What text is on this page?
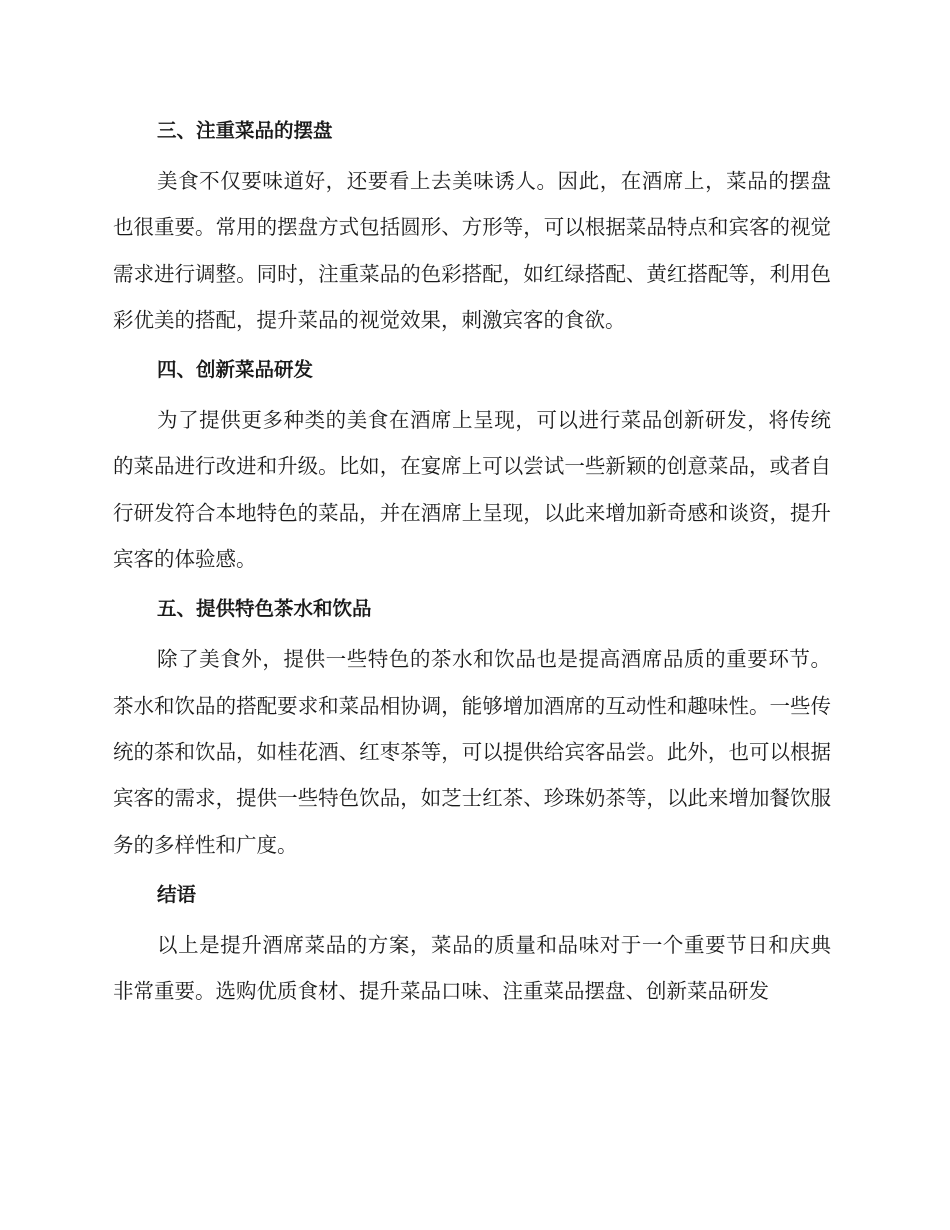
三、注重菜品的摆盘
美食不仅要味道好，还要看上去美味诱人。因此，在酒席上，菜品的摆盘也很重要。常用的摆盘方式包括圆形、方形等，可以根据菜品特点和宾客的视觉需求进行调整。同时，注重菜品的色彩搭配，如红绿搭配、黄红搭配等，利用色彩优美的搭配，提升菜品的视觉效果，刺激宾客的食欲。
四、创新菜品研发
为了提供更多种类的美食在酒席上呈现，可以进行菜品创新研发，将传统的菜品进行改进和升级。比如，在宴席上可以尝试一些新颖的创意菜品，或者自行研发符合本地特色的菜品，并在酒席上呈现，以此来增加新奇感和谈资，提升宾客的体验感。
五、提供特色茶水和饮品
除了美食外，提供一些特色的茶水和饮品也是提高酒席品质的重要环节。茶水和饮品的搭配要求和菜品相协调，能够增加酒席的互动性和趣味性。一些传统的茶和饮品，如桂花酒、红枣茶等，可以提供给宾客品尝。此外，也可以根据宾客的需求，提供一些特色饮品，如芝士红茶、珍珠奶茶等，以此来增加餐饮服务的多样性和广度。
结语
以上是提升酒席菜品的方案，菜品的质量和品味对于一个重要节日和庆典非常重要。选购优质食材、提升菜品口味、注重菜品摆盘、创新菜品研发
